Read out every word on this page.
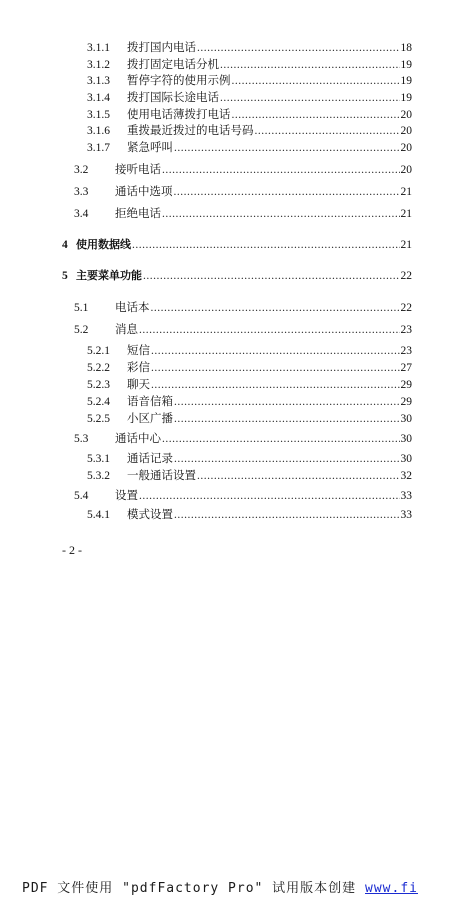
3.1.1	拨打国内电话 .....	18
3.1.2	拨打固定电话分机 .....	19
3.1.3	暂停字符的使用示例 .....	19
3.1.4	拨打国际长途电话 .....	19
3.1.5	使用电话薄拨打电话 .....	20
3.1.6	重拨最近拨过的电话号码 .....	20
3.1.7	紧急呼叫 .....	20
3.2	接听电话 .....	20
3.3	通话中选项 .....	21
3.4	拒绝电话 .....	21
4 使用数据线 .....	21
5 主要菜单功能 .....	22
5.1	电话本 .....	22
5.2	消息 .....	23
5.2.1	短信 .....	23
5.2.2	彩信 .....	27
5.2.3	聊天 .....	29
5.2.4	语音信箱 .....	29
5.2.5	小区广播 .....	30
5.3	通话中心 .....	30
5.3.1	通话记录 .....	30
5.3.2	一般通话设置 .....	32
5.4	设置 .....	33
5.4.1	模式设置 .....	33
- 2 -
PDF 文件使用 "pdfFactory Pro" 试用版本创建 www.fi
